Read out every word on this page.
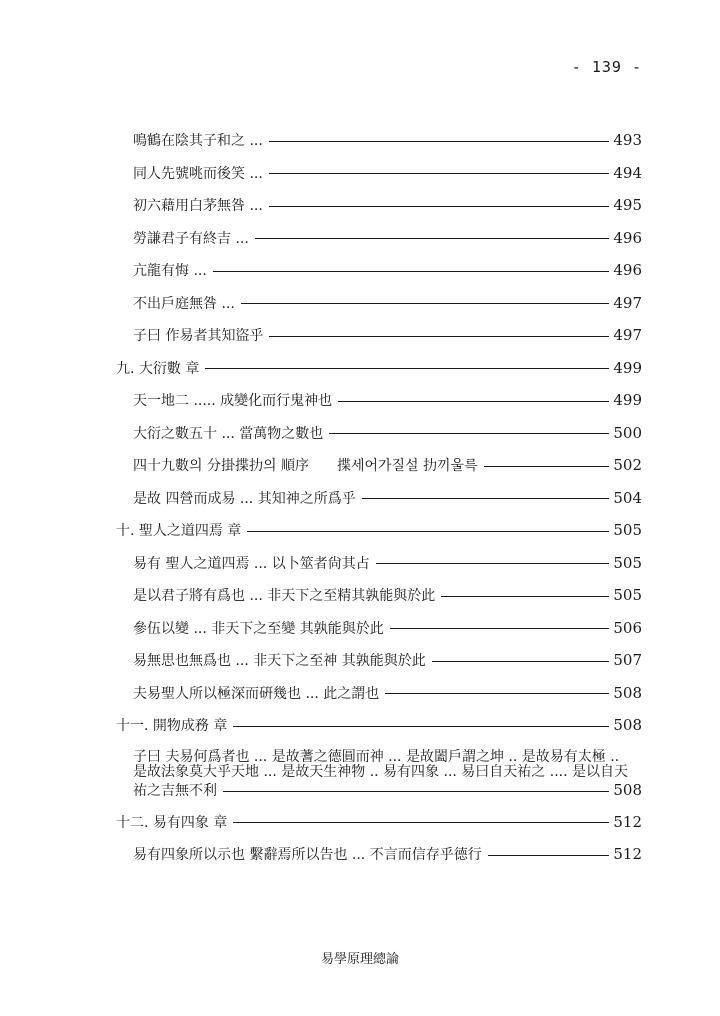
- 139 -
鳴鶴在陰其子和之 ...	493
同人先號咷而後笑 ...	494
初六藉用白茅無咎 ...	495
勞謙君子有終吉 ...	496
亢龍有悔 ...	496
不出戶庭無咎 ...	497
子曰 作易者其知盜乎	497
九. 大衍數 章	499
天一地二 ..... 成變化而行鬼神也	499
大衍之數五十 ... 當萬物之數也	500
四十九數의 分掛揲扐의 順序　　揲세어가질설 扐끼울륵	502
是故 四營而成易 ... 其知神之所爲乎	504
十. 聖人之道四焉 章	505
易有 聖人之道四焉 ... 以卜筮者尙其占	505
是以君子將有爲也 ... 非天下之至精其孰能與於此	505
參伍以變 ... 非天下之至變 其孰能與於此	506
易無思也無爲也 ... 非天下之至神 其孰能與於此	507
夫易聖人所以極深而硏幾也 ... 此之謂也	508
十一. 開物成務 章	508
子曰 夫易何爲者也 ... 是故蓍之德圓而神 ... 是故闔戶謂之坤 .. 是故易有太極 ..
是故法象莫大乎天地 ... 是故天生神物 .. 易有四象 ... 易曰自天祐之 .... 是以自天
祐之吉無不利	508
十二. 易有四象 章	512
易有四象所以示也 繫辭焉所以告也 ... 不言而信存乎德行	512
易學原理總論
